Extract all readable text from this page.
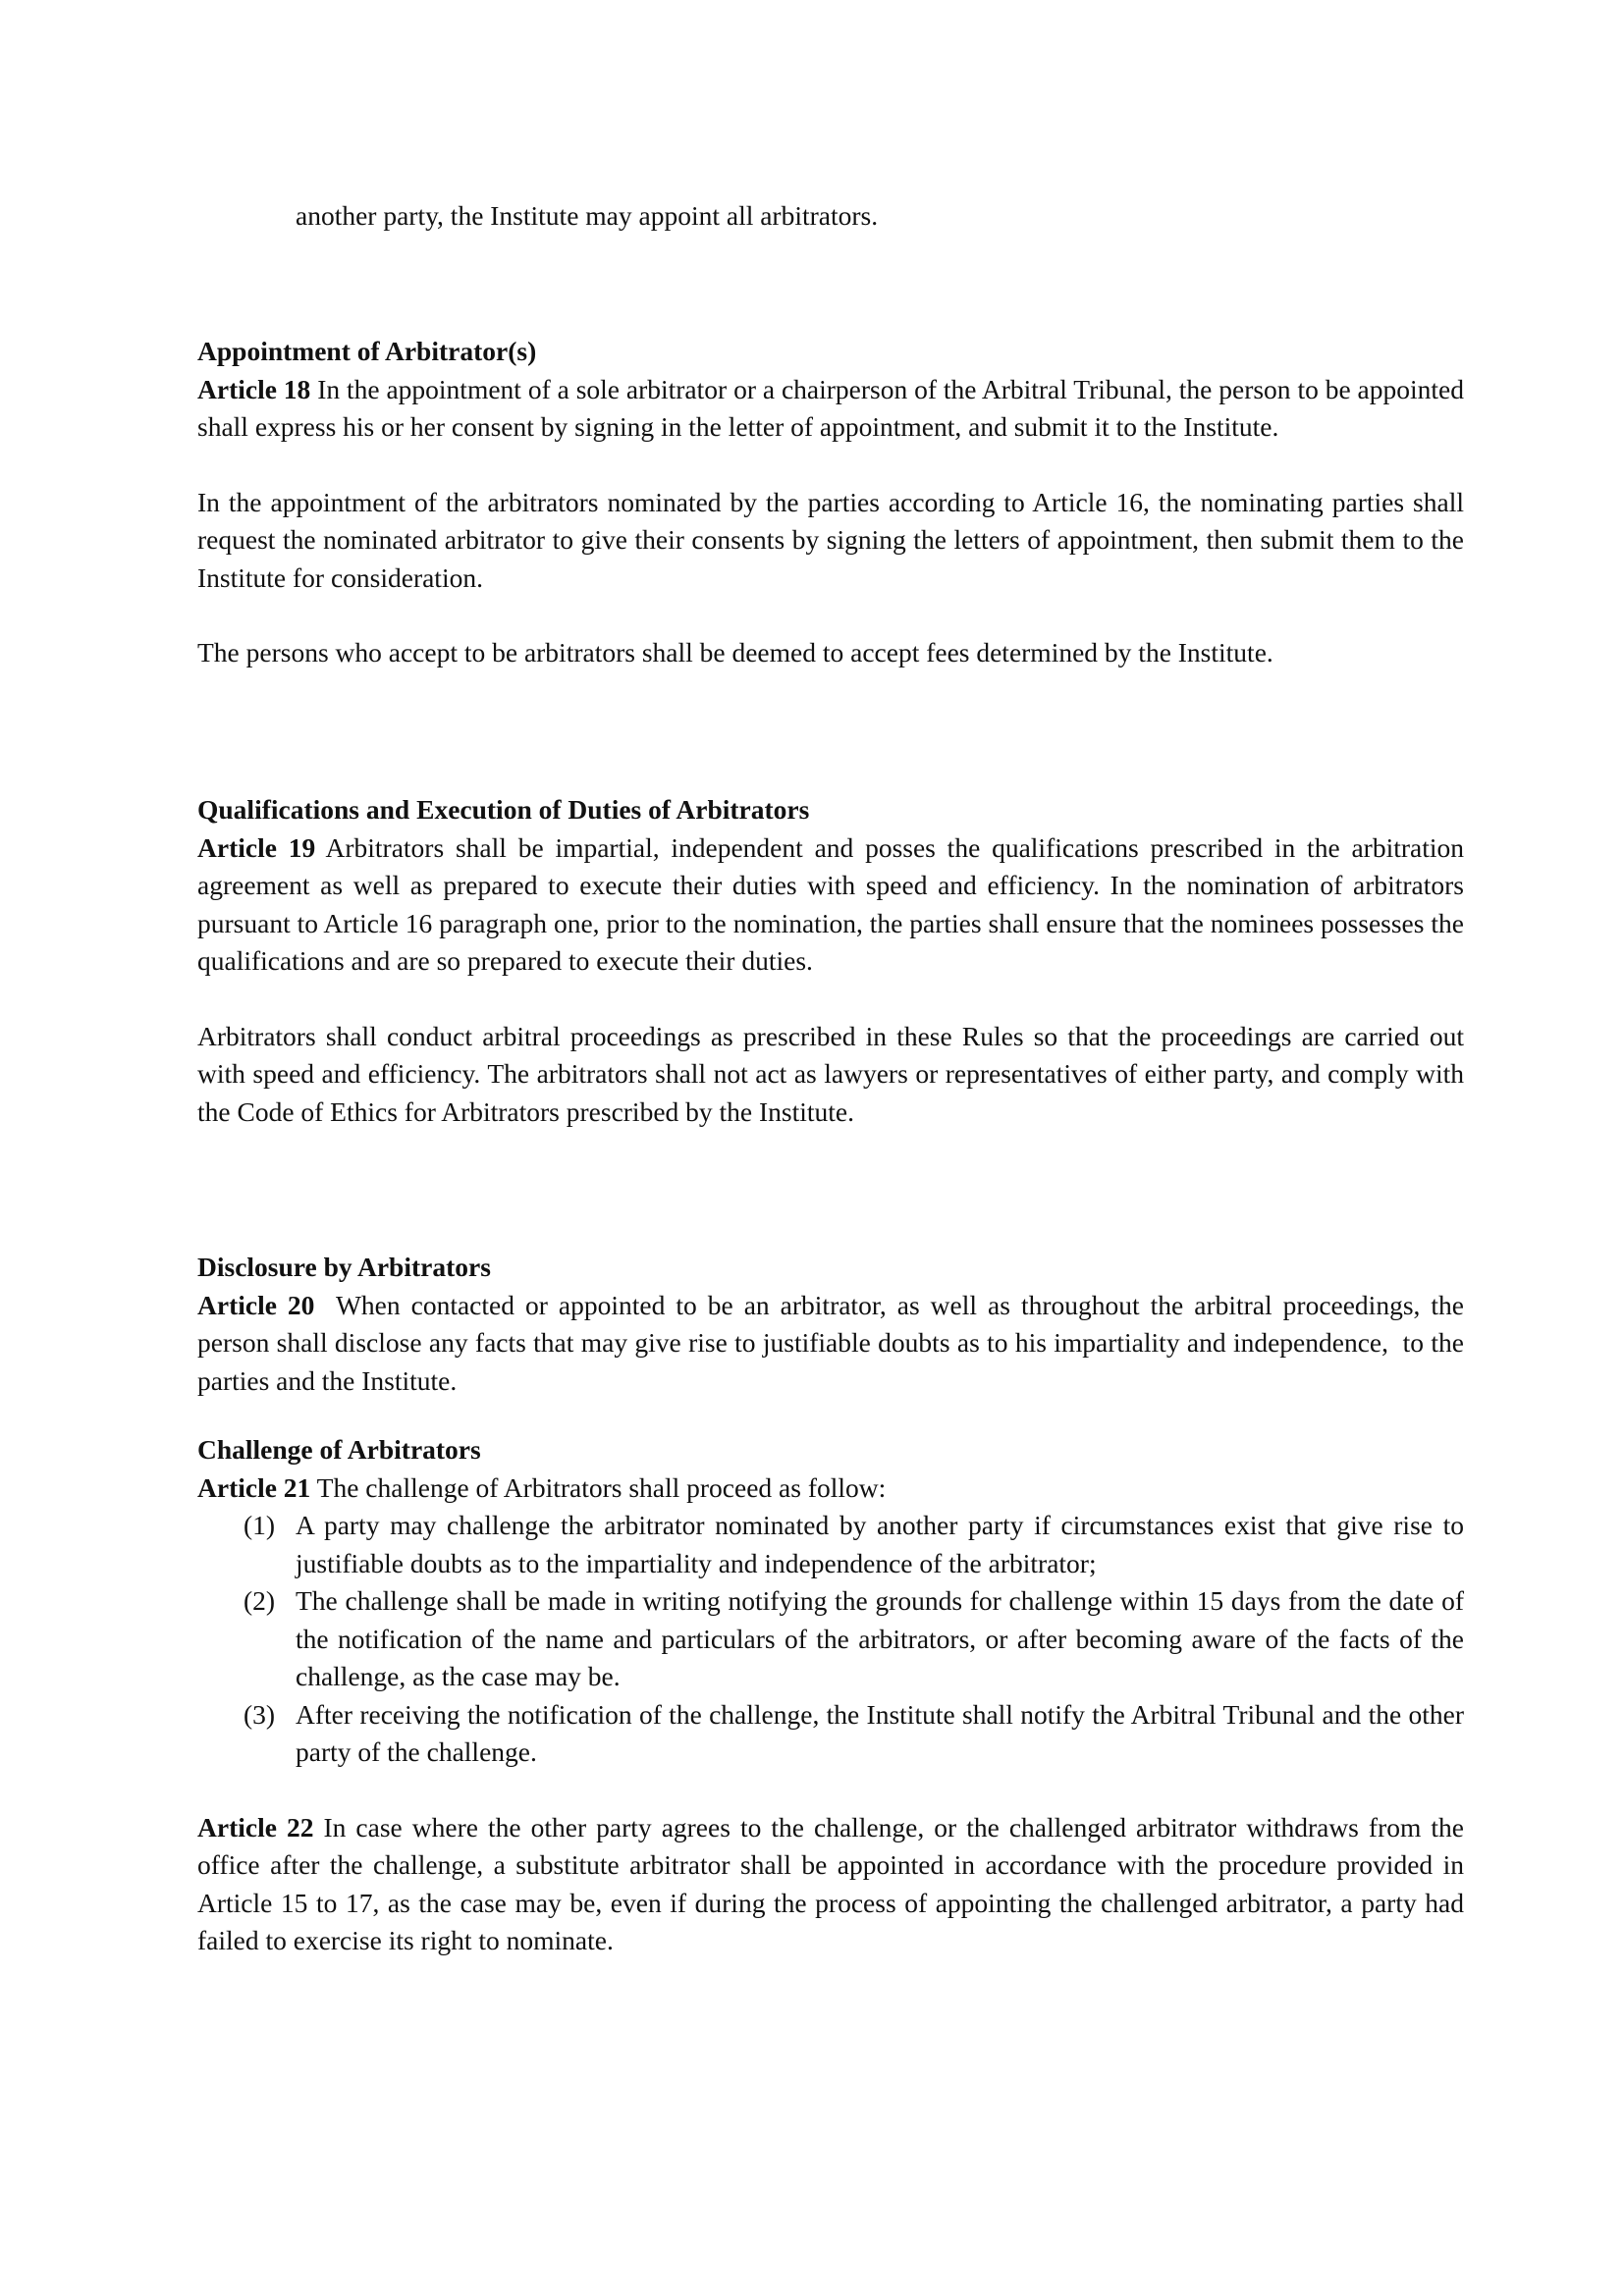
another party, the Institute may appoint all arbitrators.

Appointment of Arbitrator(s)

Article 18 In the appointment of a sole arbitrator or a chairperson of the Arbitral Tribunal, the person to be appointed shall express his or her consent by signing in the letter of appointment, and submit it to the Institute.

In the appointment of the arbitrators nominated by the parties according to Article 16, the nominating parties shall request the nominated arbitrator to give their consents by signing the letters of appointment, then submit them to the Institute for consideration.

The persons who accept to be arbitrators shall be deemed to accept fees determined by the Institute.

Qualifications and Execution of Duties of Arbitrators

Article 19 Arbitrators shall be impartial, independent and posses the qualifications prescribed in the arbitration agreement as well as prepared to execute their duties with speed and efficiency. In the nomination of arbitrators pursuant to Article 16 paragraph one, prior to the nomination, the parties shall ensure that the nominees possesses the qualifications and are so prepared to execute their duties.

Arbitrators shall conduct arbitral proceedings as prescribed in these Rules so that the proceedings are carried out with speed and efficiency. The arbitrators shall not act as lawyers or representatives of either party, and comply with the Code of Ethics for Arbitrators prescribed by the Institute.

Disclosure by Arbitrators

Article 20  When contacted or appointed to be an arbitrator, as well as throughout the arbitral proceedings, the person shall disclose any facts that may give rise to justifiable doubts as to his impartiality and independence,  to the parties and the Institute.

Challenge of Arbitrators

Article 21 The challenge of Arbitrators shall proceed as follow:

(1) A party may challenge the arbitrator nominated by another party if circumstances exist that give rise to justifiable doubts as to the impartiality and independence of the arbitrator;
(2) The challenge shall be made in writing notifying the grounds for challenge within 15 days from the date of the notification of the name and particulars of the arbitrators, or after becoming aware of the facts of the challenge, as the case may be.
(3) After receiving the notification of the challenge, the Institute shall notify the Arbitral Tribunal and the other party of the challenge.

Article 22 In case where the other party agrees to the challenge, or the challenged arbitrator withdraws from the office after the challenge, a substitute arbitrator shall be appointed in accordance with the procedure provided in Article 15 to 17, as the case may be, even if during the process of appointing the challenged arbitrator, a party had failed to exercise its right to nominate.
